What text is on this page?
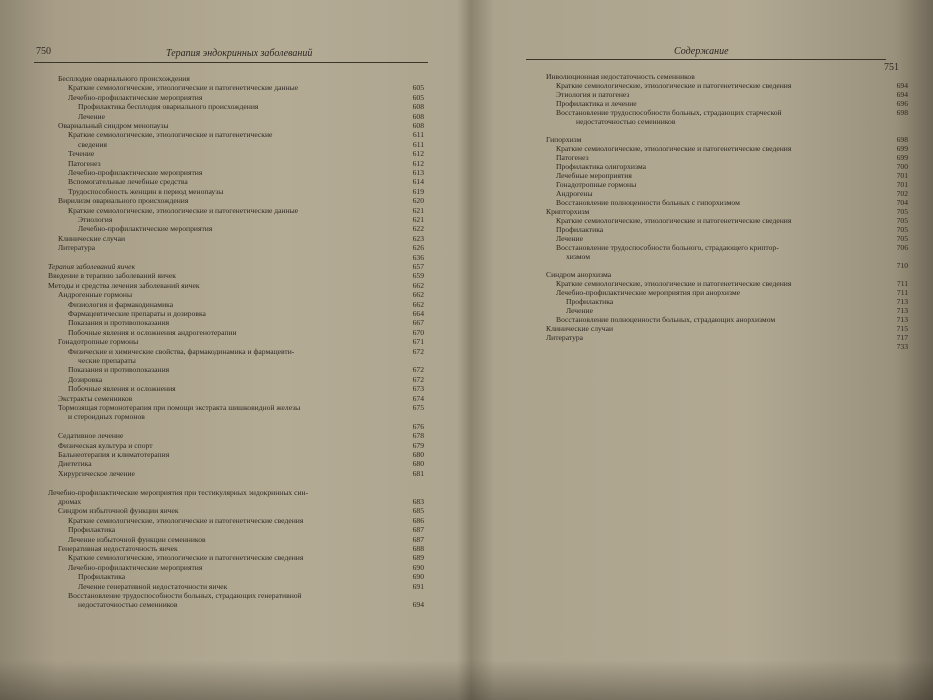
750	Терапия эндокринных заболеваний
Бесплодие овариального происхождения
Краткие семиологические, этиологические и патогенетические данные	605
Лечебно-профилактические мероприятия	605
Профилактика бесплодия овариального происхождения	608
Лечение	608
Овариальный синдром менопаузы	608
Краткие семиологические, этиологические и патогенетические	611
сведения	611
Течение	612
Патогенез	612
Лечебно-профилактические мероприятия	613
Вспомогательные лечебные средства	614
Трудоспособность женщин в период менопаузы	619
Вирилизм овариального происхождения	620
Краткие семиологические, этиологические и патогенетические данные	621
Этиология	621
Лечебно-профилактические мероприятия	622
Клинические случаи	623
Литература	626
636
Терапия заболеваний яичек	657
Введение в терапию заболеваний яичек	659
Методы и средства лечения заболеваний яичек	662
Андрогенные гормоны	662
Физиология и фармакодинамика	662
Фармацевтические препараты и дозировка	664
Показания и противопоказания	667
Побочные явления и осложнения андрогенотерапии	670
Гонадотропные гормоны	671
Физические и химические свойства, фармакодинамика и фармацевти-	672
ческие препараты
Показания и противопоказания	672
Дозировка	672
Побочные явления и осложнения	673
Экстракты семенников	674
Тормозящая гормонотерапия при помощи экстракта шишковидной железы	675
и стероидных гормонов
676
Седативное лечение	678
Физическая культура и спорт	679
Бальнеотерапия и климатотерапия	680
Диететика	680
Хирургическое лечение	681
Лечебно-профилактические мероприятия при тестикулярных эндокринных син-
дромах	683
Синдром избыточной функции яичек	685
Краткие семиологические, этиологические и патогенетические сведения	686
Профилактика	687
Лечение избыточной функции семенников	687
Генеративная недостаточность яичек	688
Краткие семиологические, этиологические и патогенетические сведения	689
Лечебно-профилактические мероприятия	690
Профилактика	690
Лечение генеративной недостаточности яичек	691
Восстановление трудоспособности больных, страдающих генеративной
недостаточностью семенников	694
Содержание
751
Инволюционная недостаточность семенников
Краткие семиологические, этиологические и патогенетические сведения	694
Этиология и патогенез	694
Профилактика и лечение	696
Восстановление трудоспособности больных, страдающих старческой	698
недостаточностью семенников
Гипорхизм	698
Краткие семиологические, этиологические и патогенетические сведения	699
Патогенез	699
Профилактика олигорхизма	700
Лечебные мероприятия	701
Гонадотропные гормоны	701
Андрогены	702
Восстановление полноценности больных с гипорхизмом	704
Крипторхизм	705
Краткие семиологические, этиологические и патогенетические сведения	705
Профилактика	705
Лечение	705
Восстановление трудоспособности больного, страдающего криптор-	706
хизмом
710
Синдром анорхизма
Краткие семиологические, этиологические и патогенетические сведения	711
Лечебно-профилактические мероприятия при анорхизме	711
Профилактика	713
Лечение	713
Восстановление полноценности больных, страдающих анорхизмом	713
Клинические случаи	715
Литература	717
733
